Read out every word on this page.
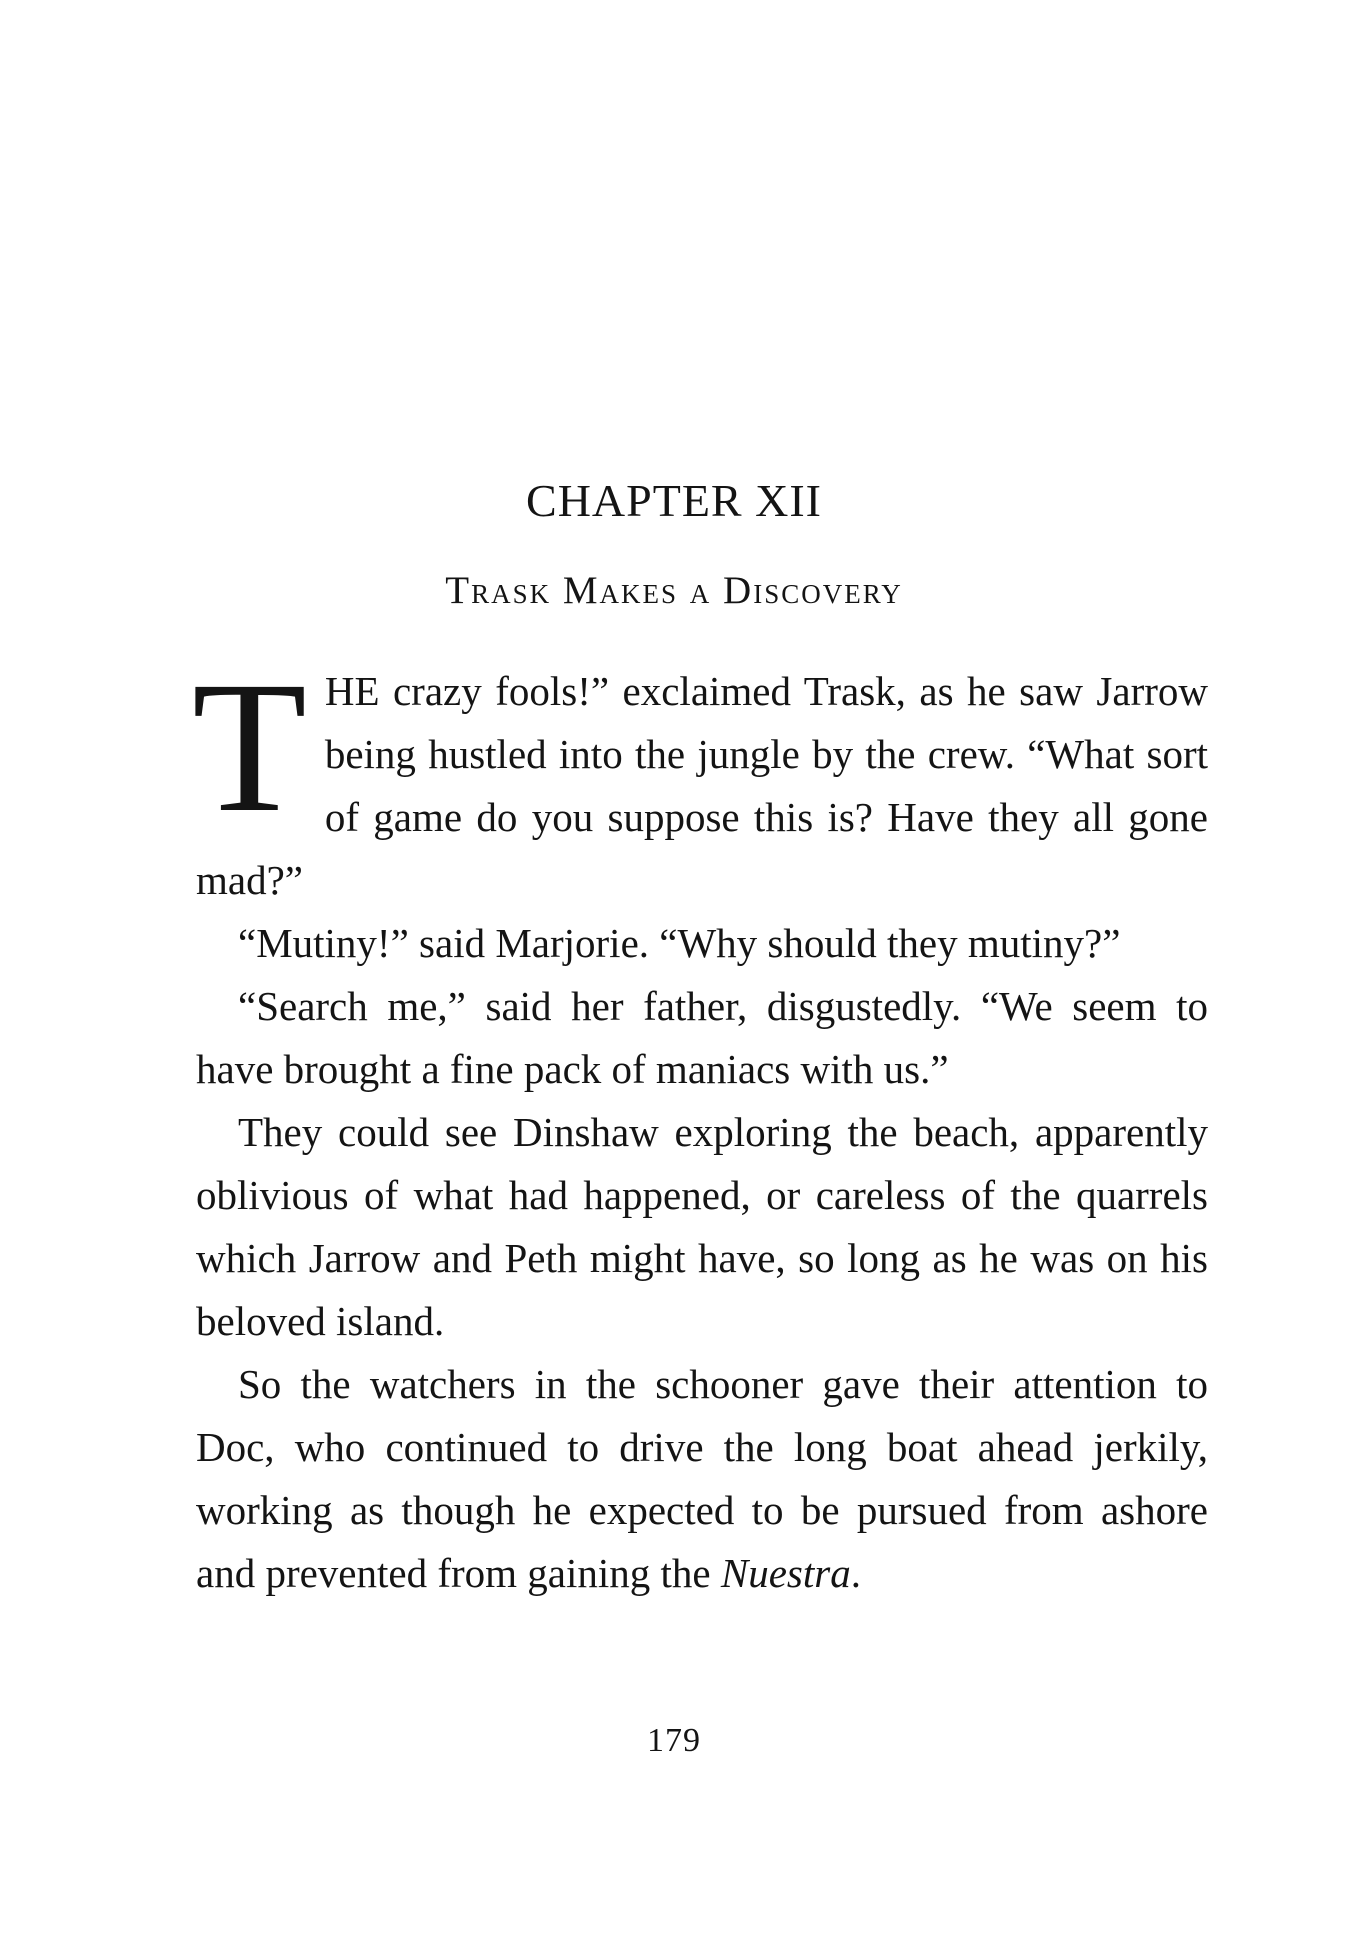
CHAPTER XII
Trask Makes a Discovery

THE crazy fools!” exclaimed Trask, as he saw Jarrow being hustled into the jungle by the crew. “What sort of game do you suppose this is? Have they all gone mad?”

“Mutiny!” said Marjorie. “Why should they mutiny?”

“Search me,” said her father, disgustedly. “We seem to have brought a fine pack of maniacs with us.”

They could see Dinshaw exploring the beach, apparently oblivious of what had happened, or careless of the quarrels which Jarrow and Peth might have, so long as he was on his beloved island.

So the watchers in the schooner gave their attention to Doc, who continued to drive the long boat ahead jerkily, working as though he expected to be pursued from ashore and prevented from gaining the Nuestra.

179
